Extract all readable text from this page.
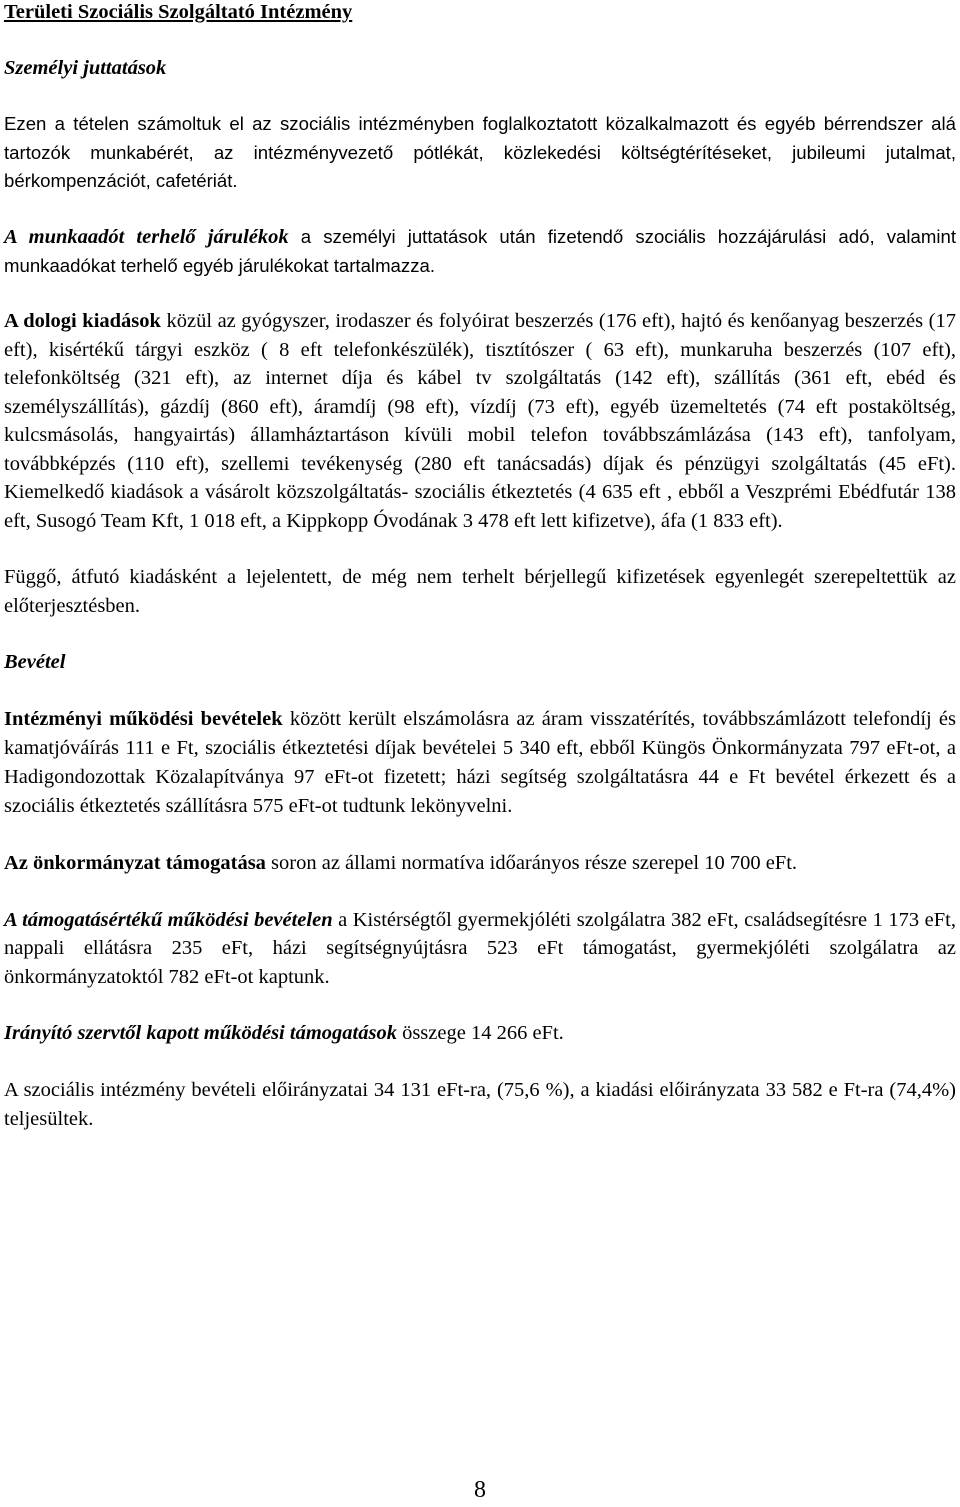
Területi Szociális Szolgáltató Intézmény

Személyi juttatások

Ezen a tételen számoltuk el az szociális intézményben foglalkoztatott közalkalmazott és egyéb bérrendszer alá tartozók munkabérét, az intézményvezető pótlékát, közlekedési költségtérítéseket, jubileumi jutalmat, bérkompenzációt, cafetériát.

A munkaadót terhelő járulékok a személyi juttatások után fizetendő szociális hozzájárulási adó, valamint munkaadókat terhelő egyéb járulékokat tartalmazza.

A dologi kiadások közül az gyógyszer, irodaszer és folyóirat beszerzés (176 eft), hajtó és kenőanyag beszerzés (17 eft), kisértékű tárgyi eszköz ( 8 eft telefonkészülék), tisztítószer ( 63 eft), munkaruha beszerzés (107 eft), telefonköltség (321 eft), az internet díja és kábel tv szolgáltatás (142 eft), szállítás (361 eft, ebéd és személyszállítás), gázdíj (860 eft), áramdíj (98 eft), vízdíj (73 eft), egyéb üzemeltetés (74 eft postaköltség, kulcsmásolás, hangyairtás) államháztartáson kívüli mobil telefon továbbszámlázása (143 eft), tanfolyam, továbbképzés (110 eft), szellemi tevékenység (280 eft tanácsadás) díjak és pénzügyi szolgáltatás (45 eFt). Kiemelkedő kiadások a vásárolt közszolgáltatás- szociális étkeztetés (4 635 eft , ebből a Veszprémi Ebédfutár 138 eft, Susogó Team Kft, 1 018 eft, a Kippkopp Óvodának 3 478 eft lett kifizetve), áfa (1 833 eft).

Függő, átfutó kiadásként a lejelentett, de még nem terhelt bérjellegű kifizetések egyenlegét szerepeltettük az előterjesztésben.

Bevétel

Intézményi működési bevételek között került elszámolásra az áram visszatérítés, továbbszámlázott telefondíj és kamatjóváírás 111 e Ft, szociális étkeztetési díjak bevételei 5 340 eft, ebből Küngös Önkormányzata 797 eFt-ot, a Hadigondozottak Közalapítványa 97 eFt-ot fizetett; házi segítség szolgáltatásra 44 e Ft bevétel érkezett és a szociális étkeztetés szállításra 575 eFt-ot tudtunk lekönyvelni.

Az önkormányzat támogatása soron az állami normatíva időarányos része szerepel 10 700 eFt.

A támogatásértékű működési bevételen a Kistérségtől gyermekjóléti szolgálatra 382 eFt, családsegítésre 1 173 eFt, nappali ellátásra 235 eFt, házi segítségnyújtásra 523 eFt támogatást, gyermekjóléti szolgálatra az önkormányzatoktól 782 eFt-ot kaptunk.

Irányító szervtől kapott működési támogatások összege 14 266 eFt.

A szociális intézmény bevételi előirányzatai 34 131 eFt-ra, (75,6 %), a kiadási előirányzata 33 582 e Ft-ra (74,4%) teljesültek.

8
